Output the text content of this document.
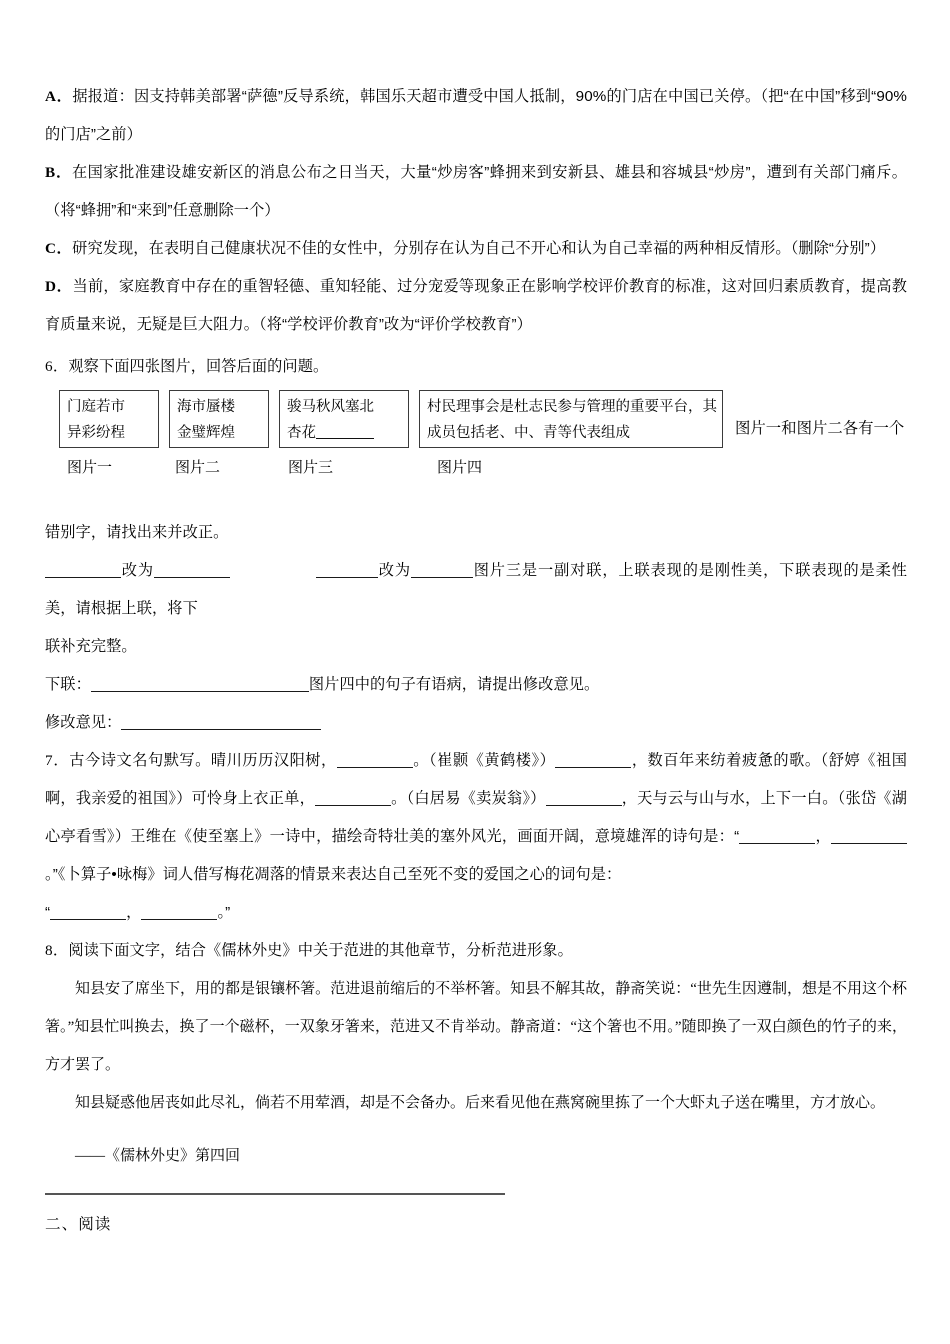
A．据报道：因支持韩美部署“萨德”反导系统，韩国乐天超市遭受中国人抵制，90%的门店在中国已关停。（把“在中国”移到“90%的门店”之前）

B．在国家批准建设雄安新区的消息公布之日当天，大量“炒房客”蜂拥来到安新县、雄县和容城县“炒房”，遭到有关部门痛斥。（将“蜂拥”和“来到”任意删除一个）

C．研究发现，在表明自己健康状况不佳的女性中，分别存在认为自己不开心和认为自己幸福的两种相反情形。（删除“分别”）

D．当前，家庭教育中存在的重智轻德、重知轻能、过分宠爱等现象正在影响学校评价教育的标准，这对回归素质教育，提高教育质量来说，无疑是巨大阻力。（将“学校评价教育”改为“评价学校教育”）

6．观察下面四张图片，回答后面的问题。

门庭若市
异彩纷程
海市蜃楼
金璧辉煌
骏马秋风塞北
杏花
村民理事会是杜志民参与管理的重要平台，其
成员包括老、中、青等代表组成	图片一和图片二各有一个
图片一	图片二	图片三	图片四

错别字，请找出来并改正。

改为	改为	图片三是一副对联，上联表现的是刚性美，下联表现的是柔性美，请根据上联，将下

联补充完整。

下联：	图片四中的句子有语病，请提出修改意见。

修改意见：

7．古今诗文名句默写。晴川历历汉阳树，	。（崔颢《黄鹤楼》）	，数百年来纺着疲惫的歌。（舒婷《祖国啊，我亲爱的祖国》）可怜身上衣正单，	。（白居易《卖炭翁》）	，天与云与山与水，上下一白。（张岱《湖心亭看雪》）王维在《使至塞上》一诗中，描绘奇特壮美的塞外风光，画面开阔，意境雄浑的诗句是：“	，。”《卜算子•咏梅》词人借写梅花凋落的情景来表达自己至死不变的爱国之心的词句是：

“	，	。”

8．阅读下面文字，结合《儒林外史》中关于范进的其他章节，分析范进形象。

知县安了席坐下，用的都是银镶杯箸。范进退前缩后的不举杯箸。知县不解其故，静斋笑说：“世先生因遵制，想是不用这个杯箸。”知县忙叫换去，换了一个磁杯，一双象牙箸来，范进又不肯举动。静斋道：“这个箸也不用。”随即换了一双白颜色的竹子的来，方才罢了。

知县疑惑他居丧如此尽礼，倘若不用荤酒，却是不会备办。后来看见他在燕窝碗里拣了一个大虾丸子送在嘴里，方才放心。

——《儒林外史》第四回

二、阅读
